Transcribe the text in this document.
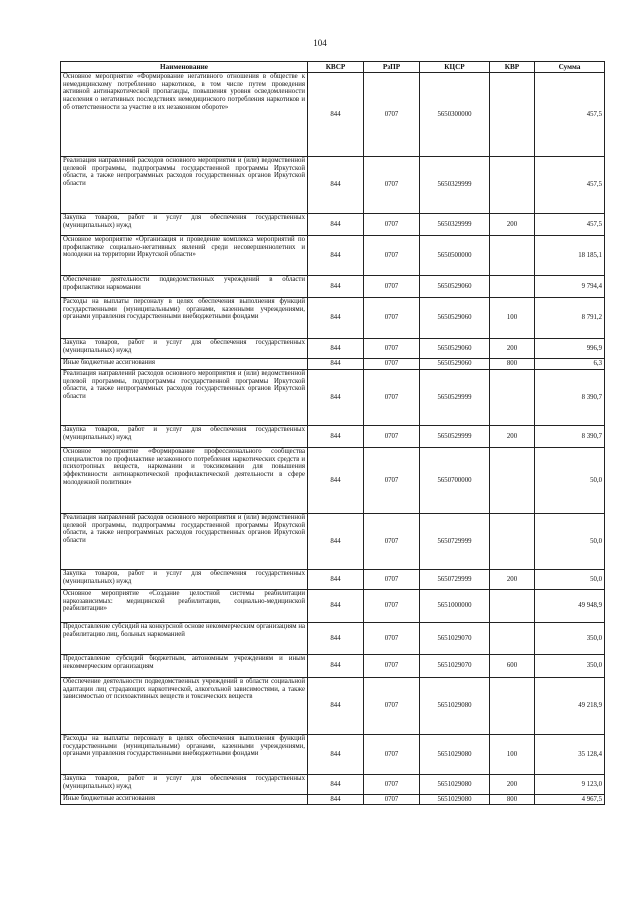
104
Наименование	КВСР	РзПР	КЦСР	КВР	Сумма
Основное мероприятие «Формирование негативного отношения в обществе к немедицинскому потреблению наркотиков, в том числе путем проведения активной антинаркотической пропаганды, повышения уровня осведомленности населения о негативных последствиях немедицинского потребления наркотиков и об ответственности за участие в их незаконном обороте»	844	0707	5650300000		457,5
Реализация направлений расходов основного мероприятия и (или) ведомственной целевой программы, подпрограммы государственной программы Иркутской области, а также непрограммных расходов государственных органов Иркутской области	844	0707	5650329999		457,5
Закупка товаров, работ и услуг для обеспечения государственных (муниципальных) нужд	844	0707	5650329999	200	457,5
Основное мероприятие «Организация и проведение комплекса мероприятий по профилактике социально-негативных явлений среди несовершеннолетних и молодежи на территории Иркутской области»	844	0707	5650500000		18 185,1
Обеспечение деятельности подведомственных учреждений в области профилактики наркомании	844	0707	5650529060		9 794,4
Расходы на выплаты персоналу в целях обеспечения выполнения функций государственными (муниципальными) органами, казенными учреждениями, органами управления государственными внебюджетными фондами	844	0707	5650529060	100	8 791,2
Закупка товаров, работ и услуг для обеспечения государственных (муниципальных) нужд	844	0707	5650529060	200	996,9
Иные бюджетные ассигнования	844	0707	5650529060	800	6,3
Реализация направлений расходов основного мероприятия и (или) ведомственной целевой программы, подпрограммы государственной программы Иркутской области, а также непрограммных расходов государственных органов Иркутской области	844	0707	5650529999		8 390,7
Закупка товаров, работ и услуг для обеспечения государственных (муниципальных) нужд	844	0707	5650529999	200	8 390,7
Основное мероприятие «Формирование профессионального сообщества специалистов по профилактике незаконного потребления наркотических средств и психотропных веществ, наркомании и токсикомании для повышения эффективности антинаркотической профилактической деятельности в сфере молодежной политики»	844	0707	5650700000		50,0
Реализация направлений расходов основного мероприятия и (или) ведомственной целевой программы, подпрограммы государственной программы Иркутской области, а также непрограммных расходов государственных органов Иркутской области	844	0707	5650729999		50,0
Закупка товаров, работ и услуг для обеспечения государственных (муниципальных) нужд	844	0707	5650729999	200	50,0
Основное мероприятие «Создание целостной системы реабилитации наркозависимых: медицинской реабилитации, социально-медицинской реабилитации»	844	0707	5651000000		49 948,9
Предоставление субсидий на конкурсной основе некоммерческим организациям на реабилитацию лиц, больных наркоманией	844	0707	5651029070		350,0
Предоставление субсидий бюджетным, автономным учреждениям и иным некоммерческим организациям	844	0707	5651029070	600	350,0
Обеспечение деятельности подведомственных учреждений в области социальной адаптации лиц страдающих наркотической, алкогольной зависимостями, а также зависимостью от психоактивных веществ и токсических веществ	844	0707	5651029080		49 218,9
Расходы на выплаты персоналу в целях обеспечения выполнения функций государственными (муниципальными) органами, казенными учреждениями, органами управления государственными внебюджетными фондами	844	0707	5651029080	100	35 128,4
Закупка товаров, работ и услуг для обеспечения государственных (муниципальных) нужд	844	0707	5651029080	200	9 123,0
Иные бюджетные ассигнования	844	0707	5651029080	800	4 967,5
